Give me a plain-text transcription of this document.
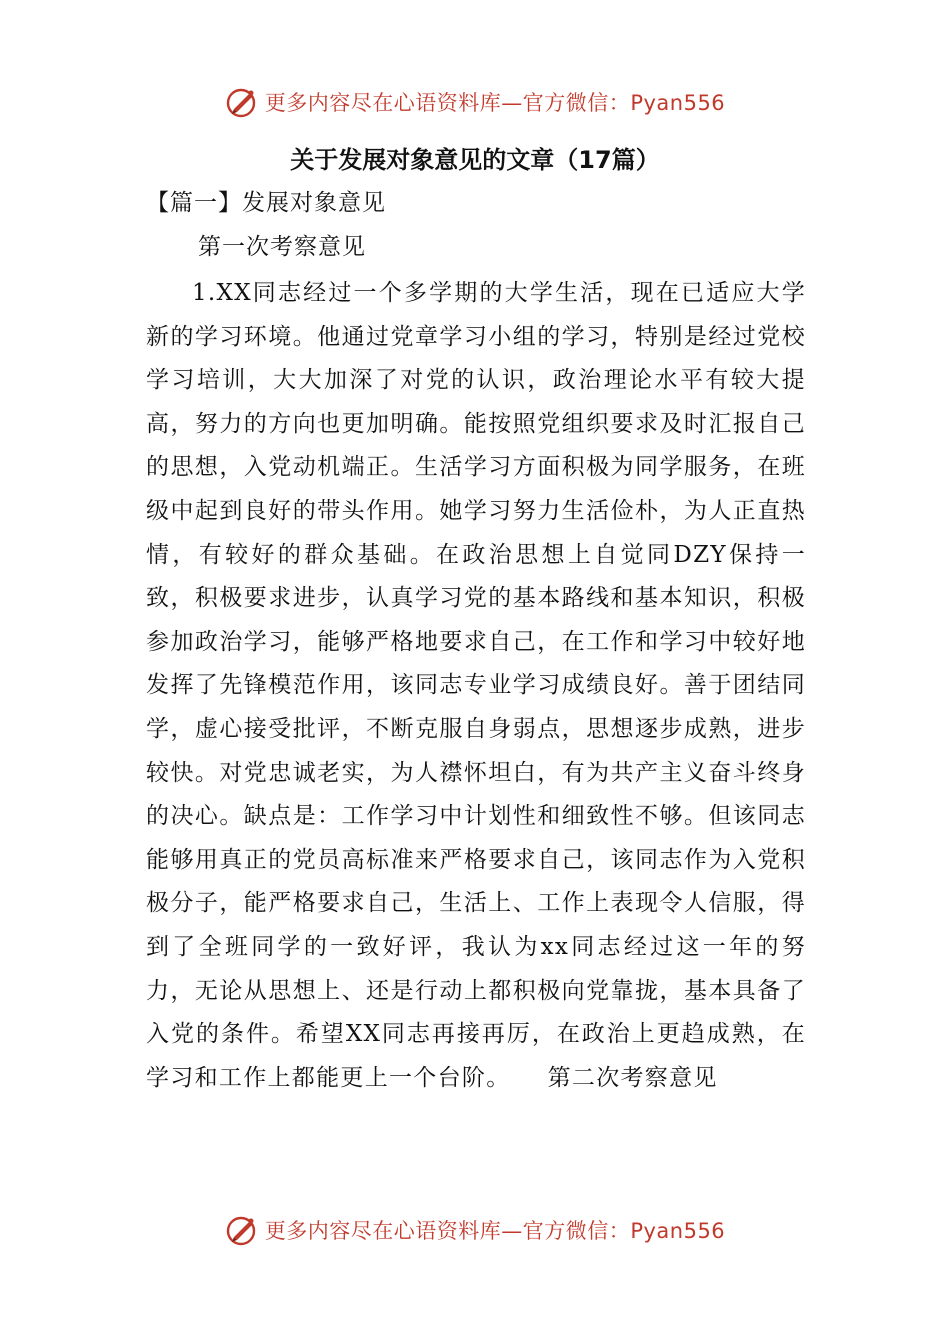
更多内容尽在心语资料库—官方微信：Pyan556
关于发展对象意见的文章（17篇）

【篇一】发展对象意见

第一次考察意见

1.XX同志经过一个多学期的大学生活，现在已适应大学新的学习环境。他通过党章学习小组的学习，特别是经过党校学习培训，大大加深了对党的认识，政治理论水平有较大提高，努力的方向也更加明确。能按照党组织要求及时汇报自己的思想，入党动机端正。生活学习方面积极为同学服务，在班级中起到良好的带头作用。她学习努力生活俭朴，为人正直热情，有较好的群众基础。在政治思想上自觉同DZY保持一致，积极要求进步，认真学习党的基本路线和基本知识，积极参加政治学习，能够严格地要求自己，在工作和学习中较好地发挥了先锋模范作用，该同志专业学习成绩良好。善于团结同学，虚心接受批评，不断克服自身弱点，思想逐步成熟，进步较快。对党忠诚老实，为人襟怀坦白，有为共产主义奋斗终身的决心。缺点是：工作学习中计划性和细致性不够。但该同志能够用真正的党员高标准来严格要求自己，该同志作为入党积极分子，能严格要求自己，生活上、工作上表现令人信服，得到了全班同学的一致好评，我认为xx同志经过这一年的努力，无论从思想上、还是行动上都积极向党靠拢，基本具备了入党的条件。希望XX同志再接再厉，在政治上更趋成熟，在学习和工作上都能更上一个台阶。　　第二次考察意见

更多内容尽在心语资料库—官方微信：Pyan556
